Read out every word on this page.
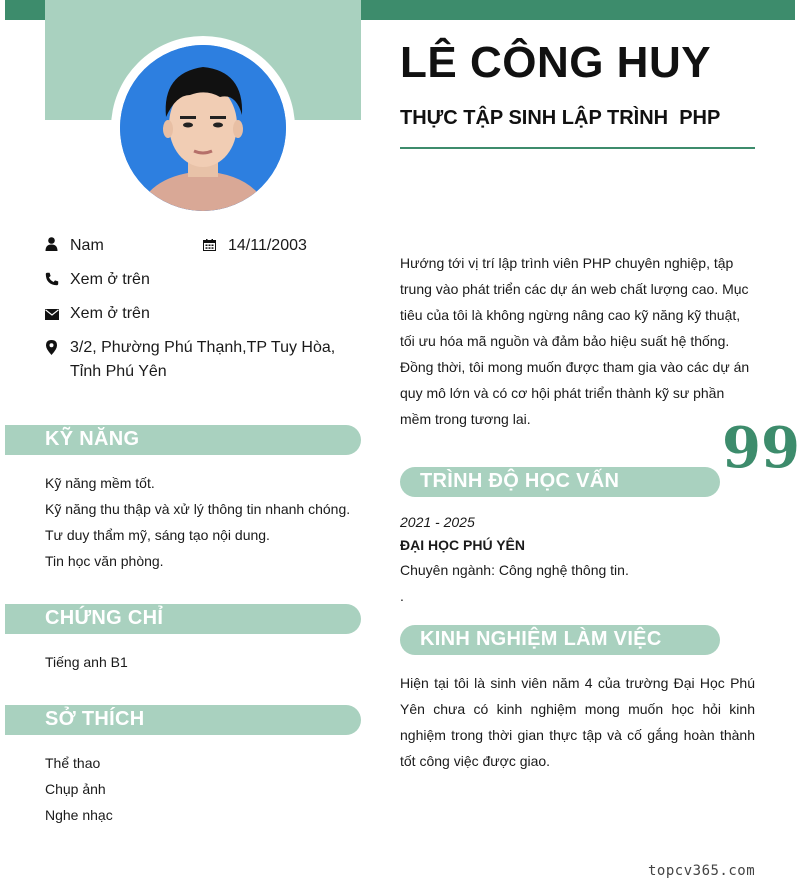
LÊ CÔNG HUY
THỰC TẬP SINH LẬP TRÌNH  PHP
Nam	14/11/2003
Xem ở trên
Xem ở trên
3/2, Phường Phú Thạnh,TP Tuy Hòa, Tỉnh Phú Yên
KỸ NĂNG
Kỹ năng mềm tốt.
Kỹ năng thu thập và xử lý thông tin nhanh chóng.
Tư duy thẩm mỹ, sáng tạo nội dung.
Tin học văn phòng.
CHỨNG CHỈ
Tiếng anh B1
SỞ THÍCH
Thể thao
Chụp ảnh
Nghe nhạc
Hướng tới vị trí lập trình viên PHP chuyên nghiệp, tập trung vào phát triển các dự án web chất lượng cao. Mục tiêu của tôi là không ngừng nâng cao kỹ năng kỹ thuật, tối ưu hóa mã nguồn và đảm bảo hiệu suất hệ thống. Đồng thời, tôi mong muốn được tham gia vào các dự án quy mô lớn và có cơ hội phát triển thành kỹ sư phần mềm trong tương lai.	99
TRÌNH ĐỘ HỌC VẤN
2021 - 2025
ĐẠI HỌC PHÚ YÊN
Chuyên ngành: Công nghệ thông tin.
.
KINH NGHIỆM LÀM VIỆC
Hiện tại tôi là sinh viên năm 4 của trường Đại Học Phú Yên chưa có kinh nghiệm mong muốn học hỏi kinh nghiệm trong thời gian thực tập và cố gắng hoàn thành tốt công việc được giao.
topcv365.com
